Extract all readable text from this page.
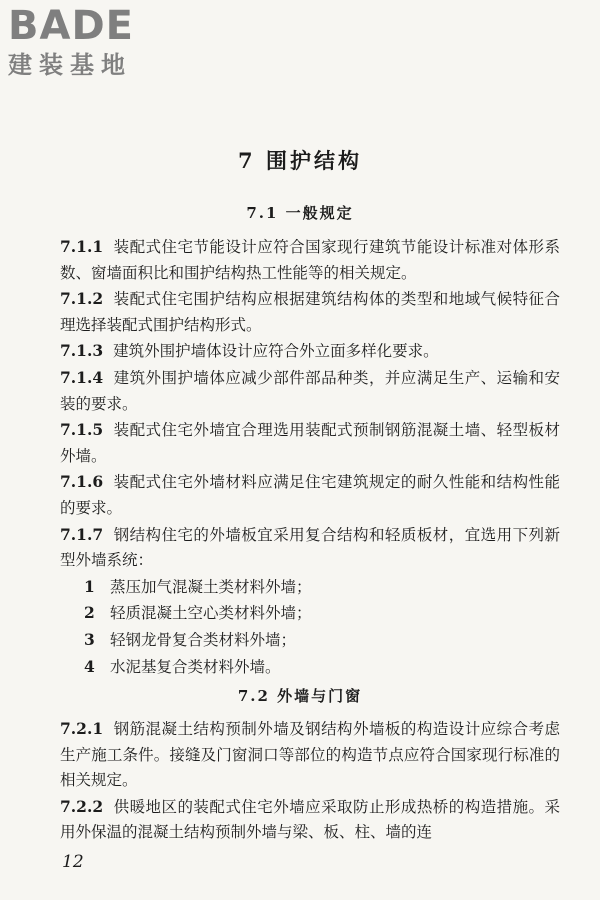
BADE
建装基地
7 围护结构
7.1 一般规定

7.1.1 装配式住宅节能设计应符合国家现行建筑节能设计标准对体形系数、窗墙面积比和围护结构热工性能等的相关规定。

7.1.2 装配式住宅围护结构应根据建筑结构体的类型和地域气候特征合理选择装配式围护结构形式。

7.1.3 建筑外围护墙体设计应符合外立面多样化要求。

7.1.4 建筑外围护墙体应减少部件部品种类，并应满足生产、运输和安装的要求。

7.1.5 装配式住宅外墙宜合理选用装配式预制钢筋混凝土墙、轻型板材外墙。

7.1.6 装配式住宅外墙材料应满足住宅建筑规定的耐久性能和结构性能的要求。

7.1.7 钢结构住宅的外墙板宜采用复合结构和轻质板材，宜选用下列新型外墙系统：

1 蒸压加气混凝土类材料外墙；
2 轻质混凝土空心类材料外墙；
3 轻钢龙骨复合类材料外墙；
4 水泥基复合类材料外墙。
7.2 外墙与门窗

7.2.1 钢筋混凝土结构预制外墙及钢结构外墙板的构造设计应综合考虑生产施工条件。接缝及门窗洞口等部位的构造节点应符合国家现行标准的相关规定。

7.2.2 供暖地区的装配式住宅外墙应采取防止形成热桥的构造措施。采用外保温的混凝土结构预制外墙与梁、板、柱、墙的连

12
